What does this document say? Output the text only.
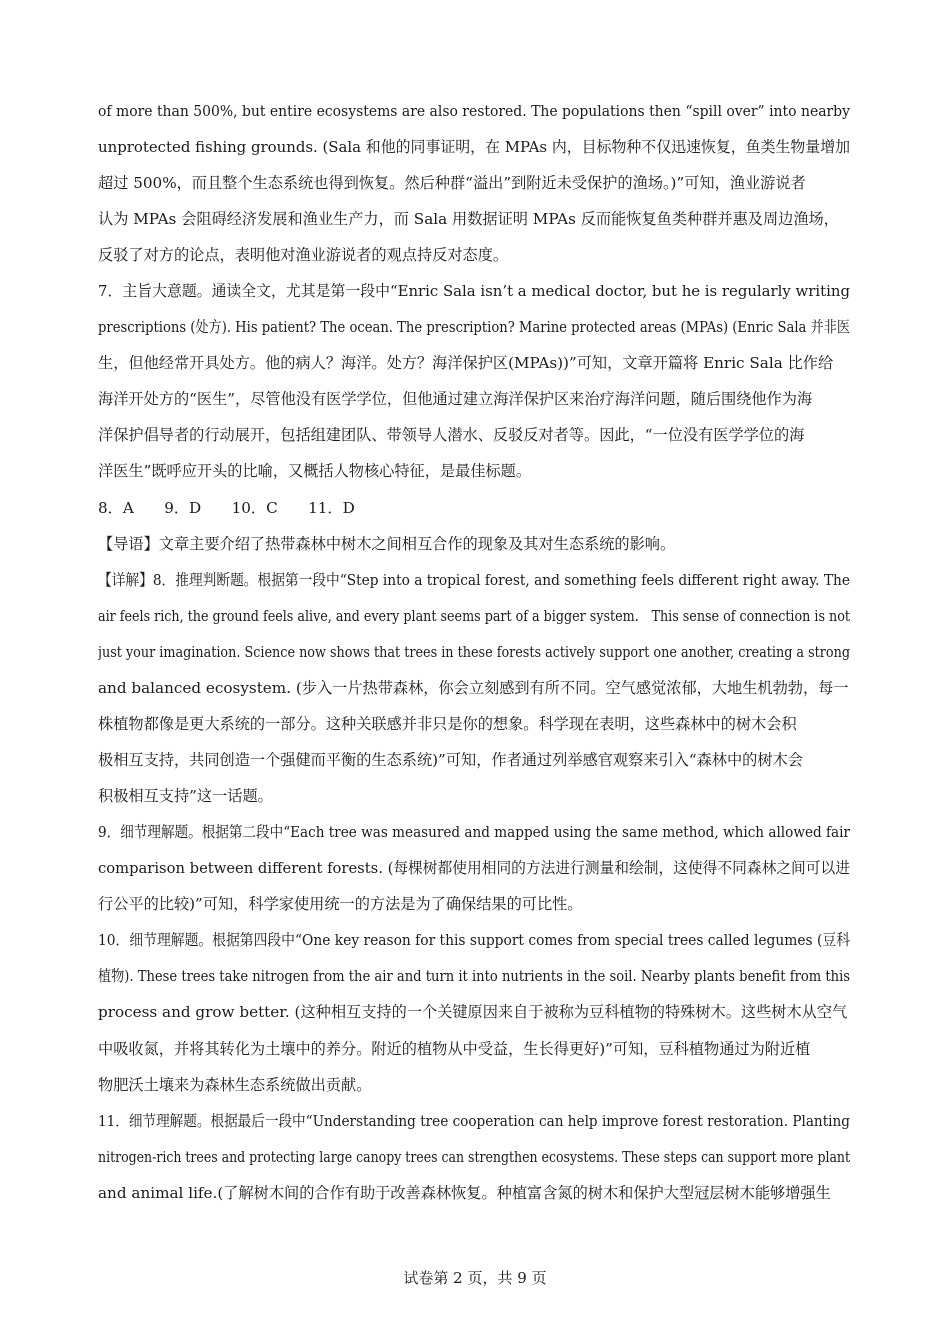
of more than 500%, but entire ecosystems are also restored. The populations then “spill over” into nearby
unprotected fishing grounds. (Sala 和他的同事证明，在 MPAs 内，目标物种不仅迅速恢复，鱼类生物量增加
超过 500%，而且整个生态系统也得到恢复。然后种群“溢出”到附近未受保护的渔场。)”可知，渔业游说者
认为 MPAs 会阻碍经济发展和渔业生产力，而 Sala 用数据证明 MPAs 反而能恢复鱼类种群并惠及周边渔场，
反驳了对方的论点，表明他对渔业游说者的观点持反对态度。
7．主旨大意题。通读全文，尤其是第一段中“Enric Sala isn’t a medical doctor, but he is regularly writing
prescriptions (处方). His patient? The ocean. The prescription? Marine protected areas (MPAs) (Enric Sala 并非医
生，但他经常开具处方。他的病人？海洋。处方？海洋保护区(MPAs))”可知，文章开篇将 Enric Sala 比作给
海洋开处方的“医生”，尽管他没有医学学位，但他通过建立海洋保护区来治疗海洋问题，随后围绕他作为海
洋保护倡导者的行动展开，包括组建团队、带领导人潜水、反驳反对者等。因此，“一位没有医学学位的海
洋医生”既呼应开头的比喻，又概括人物核心特征，是最佳标题。
8．A　　9．D　　10．C　　11．D
【导语】文章主要介绍了热带森林中树木之间相互合作的现象及其对生态系统的影响。
【详解】8．推理判断题。根据第一段中“Step into a tropical forest, and something feels different right away. The
air feels rich, the ground feels alive, and every plant seems part of a bigger system.　This sense of connection is not
just your imagination. Science now shows that trees in these forests actively support one another, creating a strong
and balanced ecosystem. (步入一片热带森林，你会立刻感到有所不同。空气感觉浓郁，大地生机勃勃，每一
株植物都像是更大系统的一部分。这种关联感并非只是你的想象。科学现在表明，这些森林中的树木会积
极相互支持，共同创造一个强健而平衡的生态系统)”可知，作者通过列举感官观察来引入“森林中的树木会
积极相互支持”这一话题。
9．细节理解题。根据第二段中“Each tree was measured and mapped using the same method, which allowed fair
comparison between different forests. (每棵树都使用相同的方法进行测量和绘制，这使得不同森林之间可以进
行公平的比较)”可知，科学家使用统一的方法是为了确保结果的可比性。
10．细节理解题。根据第四段中“One key reason for this support comes from special trees called legumes (豆科
植物). These trees take nitrogen from the air and turn it into nutrients in the soil. Nearby plants benefit from this
process and grow better. (这种相互支持的一个关键原因来自于被称为豆科植物的特殊树木。这些树木从空气
中吸收氮，并将其转化为土壤中的养分。附近的植物从中受益，生长得更好)”可知，豆科植物通过为附近植
物肥沃土壤来为森林生态系统做出贡献。
11．细节理解题。根据最后一段中“Understanding tree cooperation can help improve forest restoration. Planting
nitrogen-rich trees and protecting large canopy trees can strengthen ecosystems. These steps can support more plant
and animal life.(了解树木间的合作有助于改善森林恢复。种植富含氮的树木和保护大型冠层树木能够增强生
试卷第 2 页，共 9 页
